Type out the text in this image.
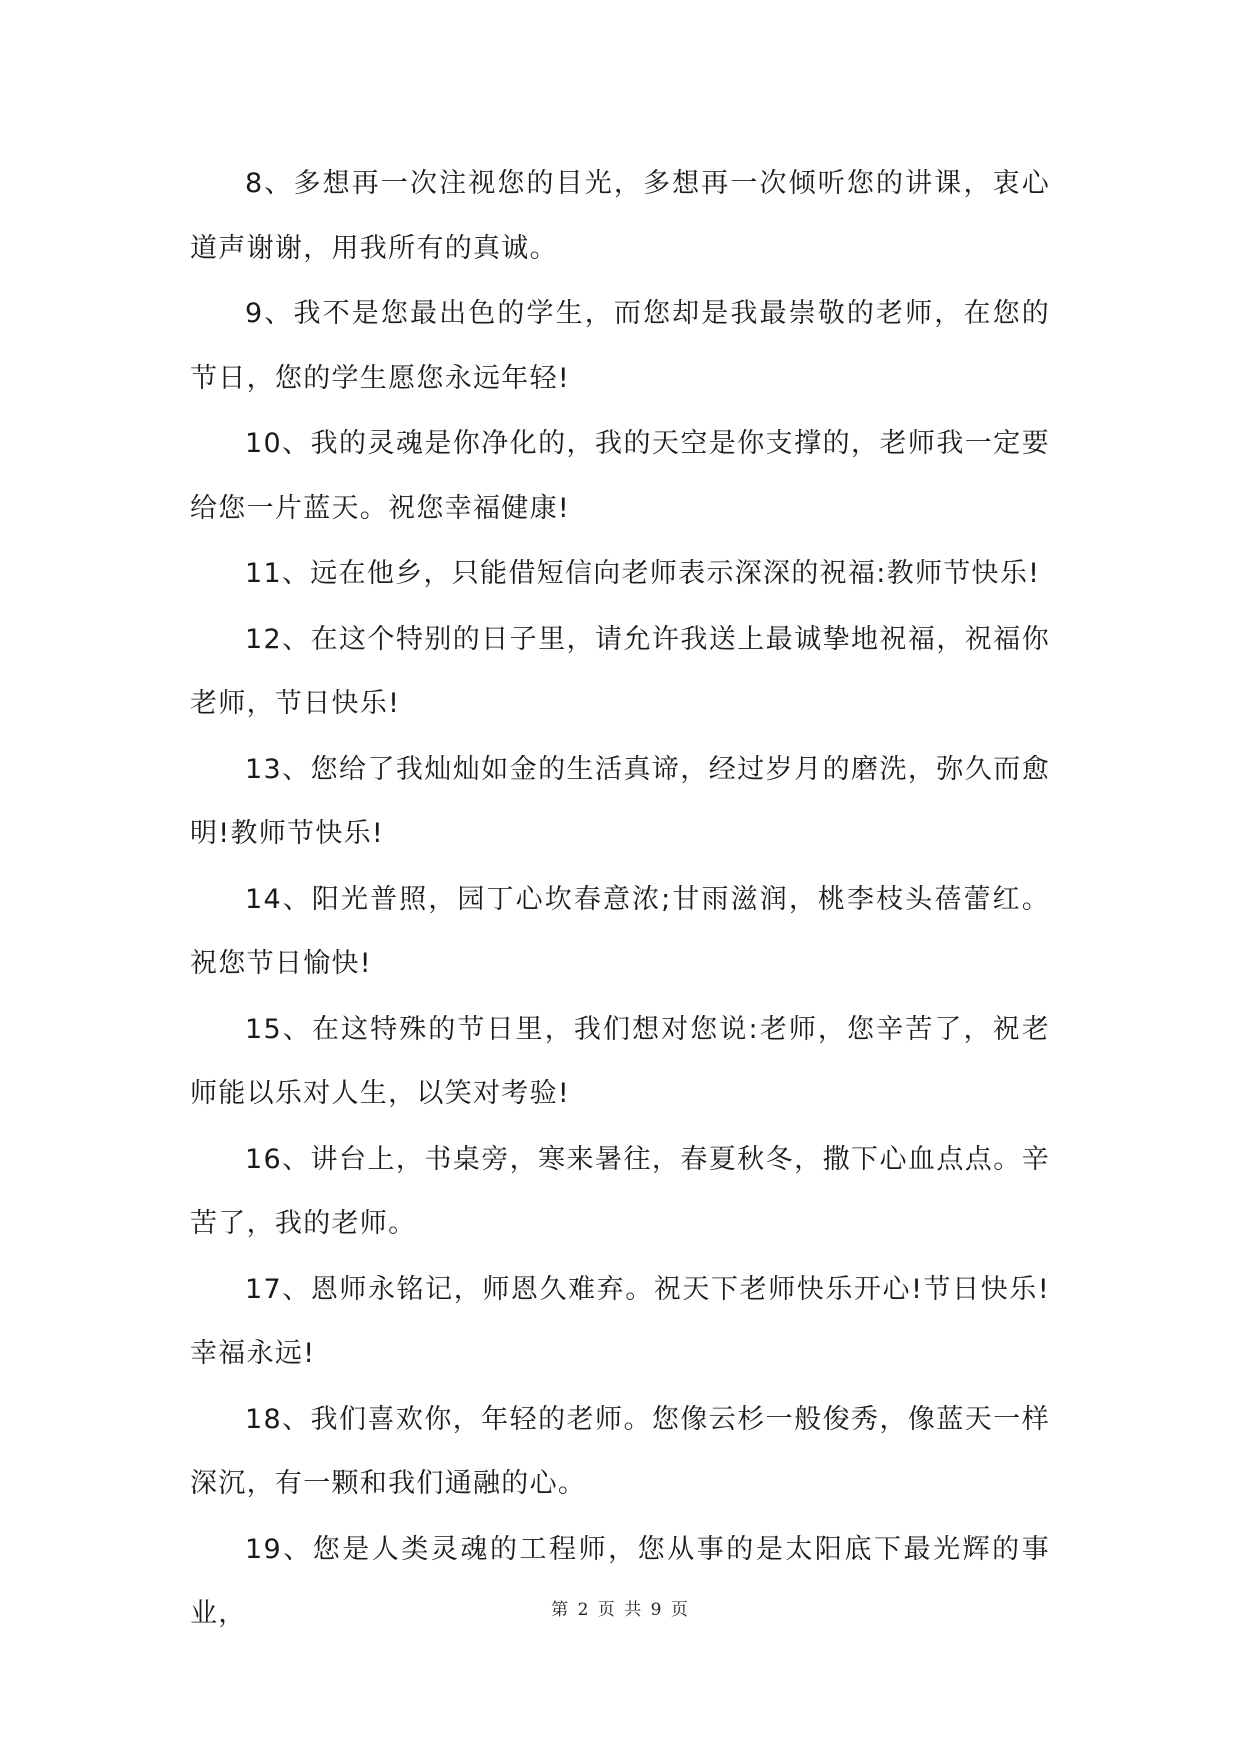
8、多想再一次注视您的目光，多想再一次倾听您的讲课，衷心道声谢谢，用我所有的真诚。

9、我不是您最出色的学生，而您却是我最崇敬的老师，在您的节日，您的学生愿您永远年轻!

10、我的灵魂是你净化的，我的天空是你支撑的，老师我一定要给您一片蓝天。祝您幸福健康!

11、远在他乡，只能借短信向老师表示深深的祝福:教师节快乐!

12、在这个特别的日子里，请允许我送上最诚挚地祝福，祝福你老师，节日快乐!

13、您给了我灿灿如金的生活真谛，经过岁月的磨洗，弥久而愈明!教师节快乐!

14、阳光普照，园丁心坎春意浓;甘雨滋润，桃李枝头蓓蕾红。祝您节日愉快!

15、在这特殊的节日里，我们想对您说:老师，您辛苦了，祝老师能以乐对人生，以笑对考验!

16、讲台上，书桌旁，寒来暑往，春夏秋冬，撒下心血点点。辛苦了，我的老师。

17、恩师永铭记，师恩久难弃。祝天下老师快乐开心!节日快乐!幸福永远!

18、我们喜欢你，年轻的老师。您像云杉一般俊秀，像蓝天一样深沉，有一颗和我们通融的心。

19、您是人类灵魂的工程师，您从事的是太阳底下最光辉的事业，	第 2 页 共 9 页
